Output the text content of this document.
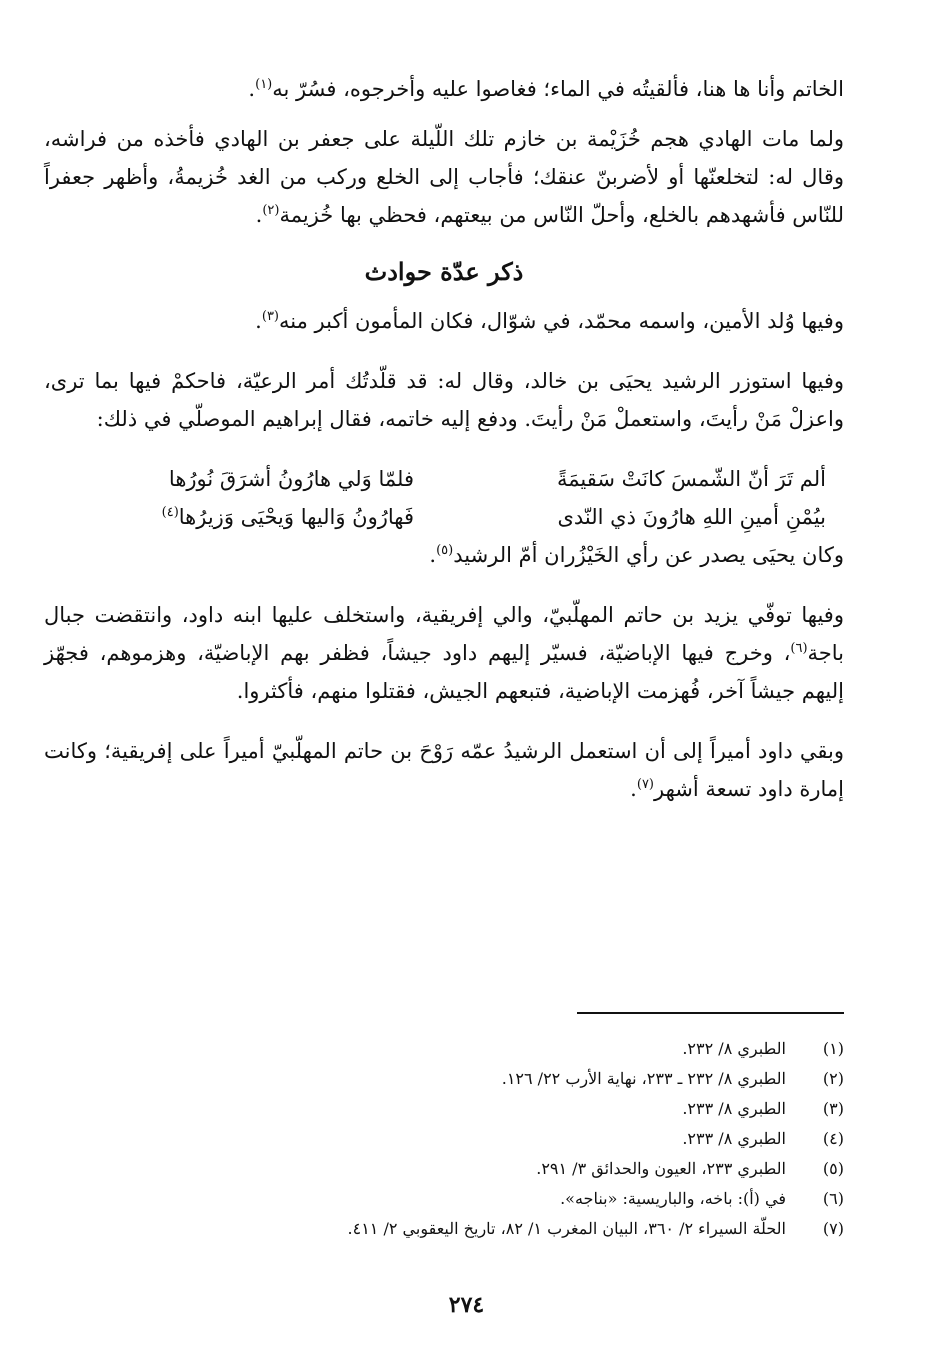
الخاتم وأنا ها هنا، فألقيتُه في الماء؛ فغاصوا عليه وأخرجوه، فسُرّ به$^{(١)}$.

ولما مات الهادي هجم خُزَيْمة بن خازم تلك اللّيلة على جعفر بن الهادي فأخذه من فراشه، وقال له: لتخلعنّها أو لأضربنّ عنقك؛ فأجاب إلى الخلع وركب من الغد خُزيمةُ، وأظهر جعفراً للنّاس فأشهدهم بالخلع، وأحلّ النّاس من بيعتهم، فحظي بها خُزيمة$^{(٢)}$.

ذكر عدّة حوادث

وفيها وُلد الأمين، واسمه محمّد، في شوّال، فكان المأمون أكبر منه$^{(٣)}$.

وفيها استوزر الرشيد يحيَى بن خالد، وقال له: قد قلّدتُك أمر الرعيّة، فاحكمْ فيها بما ترى، واعزلْ مَنْ رأيتَ، واستعملْ مَنْ رأيتَ. ودفع إليه خاتمه، فقال إبراهيم الموصلّي في ذلك:

ألم تَرَ أنّ الشّمسَ كانَتْ سَقيمَةً
فلمّا وَلي هارُونُ أشرَقَ نُورُها
بيُمْنِ أمينِ اللهِ هارُونَ ذي النّدى
فَهارُونُ وَاليها وَيحْيَى وَزيرُها$^{(٤)}$

وكان يحيَى يصدر عن رأي الخَيْزُران أمّ الرشيد$^{(٥)}$.

وفيها توفّي يزيد بن حاتم المهلّبيّ، والي إفريقية، واستخلف عليها ابنه داود، وانتقضت جبال باجة$^{(٦)}$، وخرج فيها الإباضيّة، فسيّر إليهم داود جيشاً، فظفر بهم الإباضيّة، وهزموهم، فجهّز إليهم جيشاً آخر، فُهزمت الإباضية، فتبعهم الجيش، فقتلوا منهم، فأكثروا.

وبقي داود أميراً إلى أن استعمل الرشيدُ عمّه رَوْحَ بن حاتم المهلّبيّ أميراً على إفريقية؛ وكانت إمارة داود تسعة أشهر$^{(٧)}$.

(١)
الطبري ٨/ ٢٣٢.
(٢)
الطبري ٨/ ٢٣٢ ـ ٢٣٣، نهاية الأرب ٢٢/ ١٢٦.
(٣)
الطبري ٨/ ٢٣٣.
(٤)
الطبري ٨/ ٢٣٣.
(٥)
الطبري ٢٣٣، العيون والحدائق ٣/ ٢٩١.
(٦)
في (أ): باخه، والباريسية: «بناجه».
(٧)
الحلّة السيراء ٢/ ٣٦٠، البيان المغرب ١/ ٨٢، تاريخ اليعقوبي ٢/ ٤١١.
٢٧٤
